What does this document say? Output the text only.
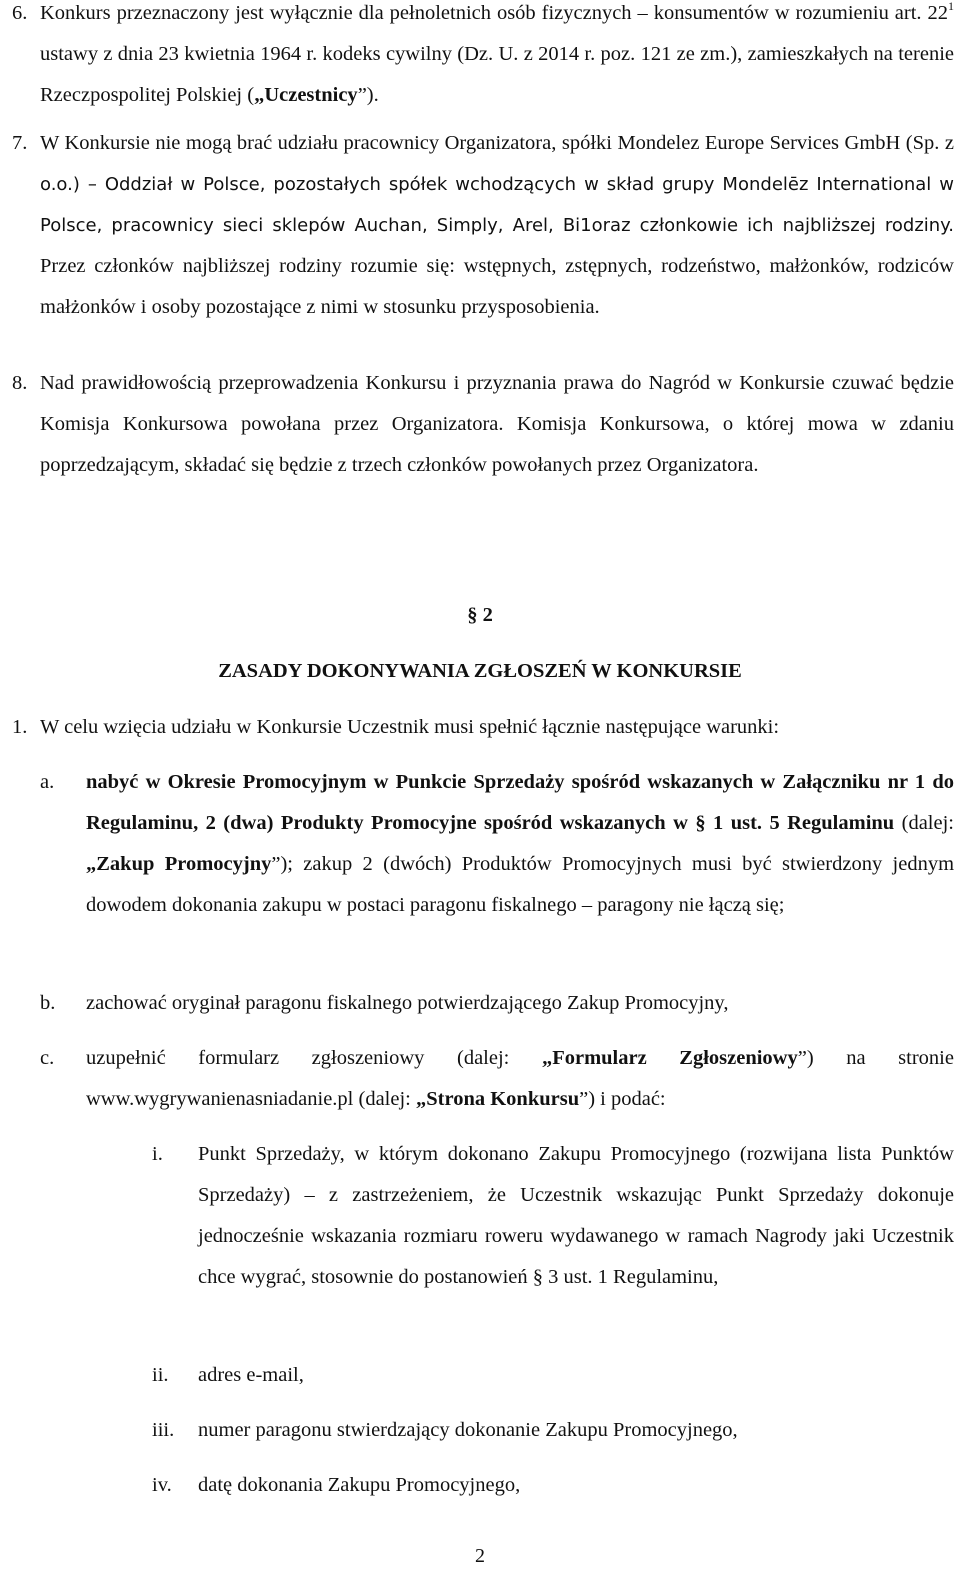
6. Konkurs przeznaczony jest wyłącznie dla pełnoletnich osób fizycznych – konsumentów w rozumieniu art. $22^1$ ustawy z dnia 23 kwietnia 1964 r. kodeks cywilny (Dz. U. z 2014 r. poz. 121 ze zm.), zamieszkałych na terenie Rzeczpospolitej Polskiej („Uczestnicy”).
7. W Konkursie nie mogą brać udziału pracownicy Organizatora, spółki Mondelez Europe Services GmbH (Sp. z o.o.) – Oddział w Polsce, pozostałych spółek wchodzących w skład grupy Mondelēz International w Polsce, pracownicy sieci sklepów Auchan, Simply, Arel, Bi1oraz członkowie ich najbliższej rodziny. Przez członków najbliższej rodziny rozumie się: wstępnych, zstępnych, rodzeństwo, małżonków, rodziców małżonków i osoby pozostające z nimi w stosunku przysposobienia.
8. Nad prawidłowością przeprowadzenia Konkursu i przyznania prawa do Nagród w Konkursie czuwać będzie Komisja Konkursowa powołana przez Organizatora. Komisja Konkursowa, o której mowa w zdaniu poprzedzającym, składać się będzie z trzech członków powołanych przez Organizatora.
§ 2
ZASADY DOKONYWANIA ZGŁOSZEŃ W KONKURSIE
1. W celu wzięcia udziału w Konkursie Uczestnik musi spełnić łącznie następujące warunki:
a. nabyć w Okresie Promocyjnym w Punkcie Sprzedaży spośród wskazanych w Załączniku nr 1 do Regulaminu, 2 (dwa) Produkty Promocyjne spośród wskazanych w § 1 ust. 5 Regulaminu (dalej: „Zakup Promocyjny”); zakup 2 (dwóch) Produktów Promocyjnych musi być stwierdzony jednym dowodem dokonania zakupu w postaci paragonu fiskalnego – paragony nie łączą się;
b. zachować oryginał paragonu fiskalnego potwierdzającego Zakup Promocyjny,
c. uzupełnić formularz zgłoszeniowy (dalej: „Formularz Zgłoszeniowy”) na stronie www.wygrywanienasniadanie.pl (dalej: „Strona Konkursu”) i podać:
i. Punkt Sprzedaży, w którym dokonano Zakupu Promocyjnego (rozwijana lista Punktów Sprzedaży) – z zastrzeżeniem, że Uczestnik wskazując Punkt Sprzedaży dokonuje jednocześnie wskazania rozmiaru roweru wydawanego w ramach Nagrody jaki Uczestnik chce wygrać, stosownie do postanowień § 3 ust. 1 Regulaminu,
ii. adres e-mail,
iii. numer paragonu stwierdzający dokonanie Zakupu Promocyjnego,
iv. datę dokonania Zakupu Promocyjnego,
2
